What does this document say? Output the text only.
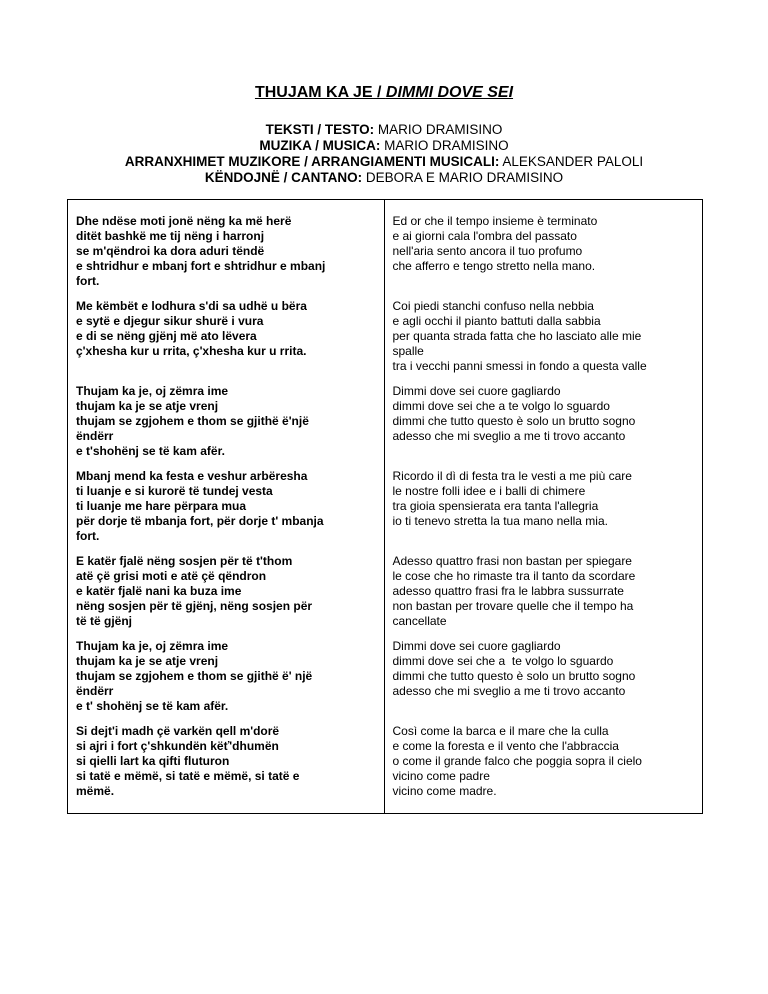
THUJAM KA JE / DIMMI DOVE SEI
TEKSTI / TESTO: MARIO DRAMISINO
MUZIKA / MUSICA: MARIO DRAMISINO
ARRANXHIMET MUZIKORE / ARRANGIAMENTI MUSICALI: ALEKSANDER PALOLI
KËNDOJNË / CANTANO: DEBORA E MARIO DRAMISINO
Dhe ndëse moti jonë nëng ka më herë
ditët bashkë me tij nëng i harronj
se m'qëndroi ka dora aduri tëndë
e shtridhur e mbanj fort e shtridhur e mbanj
fort.	Ed or che il tempo insieme è terminato
e ai giorni cala l'ombra del passato
nell'aria sento ancora il tuo profumo
che afferro e tengo stretto nella mano.

Me këmbët e lodhura s'di sa udhë u bëra
e sytë e djegur sikur shurë i vura
e di se nëng gjënj më ato lëvera
ç'xhesha kur u rrita, ç'xhesha kur u rrita.	Coi piedi stanchi confuso nella nebbia
e agli occhi il pianto battuti dalla sabbia
per quanta strada fatta che ho lasciato alle mie
spalle
tra i vecchi panni smessi in fondo a questa valle

Thujam ka je, oj zëmra ime
thujam ka je se atje vrenj
thujam se zgjohem e thom se gjithë ë'një
ëndërr
e t'shohënj se të kam afër.	Dimmi dove sei cuore gagliardo
dimmi dove sei che a te volgo lo sguardo
dimmi che tutto questo è solo un brutto sogno
adesso che mi sveglio a me ti trovo accanto

Mbanj mend ka festa e veshur arbëresha
ti luanje e si kurorë të tundej vesta
ti luanje me hare përpara mua
për dorje të mbanja fort, për dorje t' mbanja
fort.	Ricordo il dì di festa tra le vesti a me più care
le nostre folli idee e i balli di chimere
tra gioia spensierata era tanta l'allegria
io ti tenevo stretta la tua mano nella mia.

E katër fjalë nëng sosjen për të t'thom
atë çë grisi moti e atë çë qëndron
e katër fjalë nani ka buza ime
nëng sosjen për të gjënj, nëng sosjen për
të të gjënj	Adesso quattro frasi non bastan per spiegare
le cose che ho rimaste tra il tanto da scordare
adesso quattro frasi fra le labbra sussurrate
non bastan per trovare quelle che il tempo ha
cancellate

Thujam ka je, oj zëmra ime
thujam ka je se atje vrenj
thujam se zgjohem e thom se gjithë ë' një
ëndërr
e t' shohënj se të kam afër.	Dimmi dove sei cuore gagliardo
dimmi dove sei che a  te volgo lo sguardo
dimmi che tutto questo è solo un brutto sogno
adesso che mi sveglio a me ti trovo accanto

Si dejt'i madh çë varkën qell m'dorë
si ajri i fort ç'shkundën këť'dhumën
si qielli lart ka qifti fluturon
si tatë e mëmë, si tatë e mëmë, si tatë e
mëmë.	Così come la barca e il mare che la culla
e come la foresta e il vento che l'abbraccia
o come il grande falco che poggia sopra il cielo
vicino come padre
vicino come madre.
